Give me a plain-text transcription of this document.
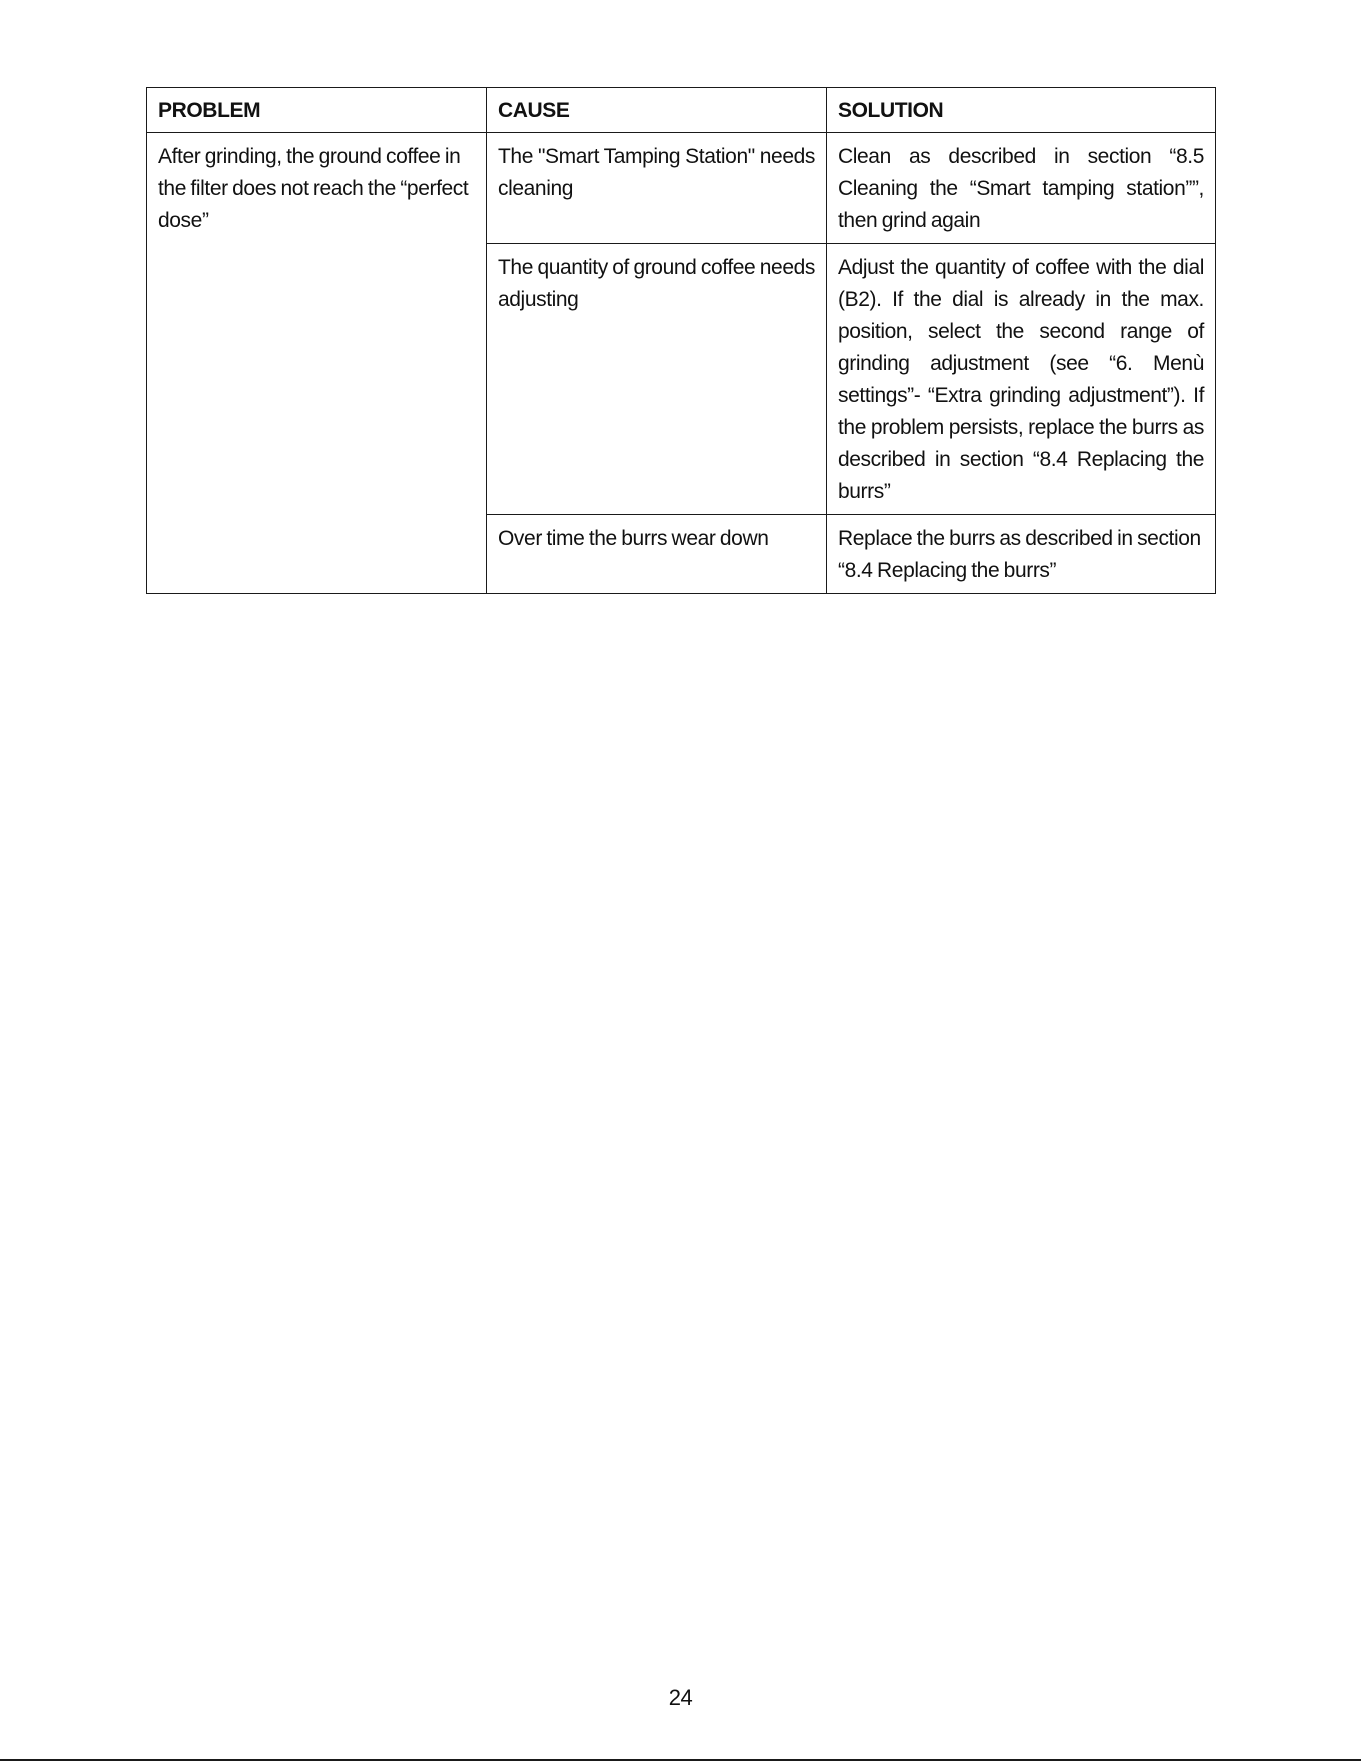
PROBLEM	CAUSE	SOLUTION
After grinding, the ground coffee in the filter does not reach the “perfect dose”	The "Smart Tamping Station" needs cleaning	Clean as described in section “8.5 Cleaning the “Smart tamping station””, then grind again
	The quantity of ground coffee needs adjusting	Adjust the quantity of coffee with the dial (B2). If the dial is already in the max. position, select the second range of grinding adjustment (see “6. Menù settings”- “Extra grinding adjustment”). If the problem persists, replace the burrs as described in section “8.4 Replacing the burrs”
	Over time the burrs wear down	Replace the burrs as described in section “8.4 Replacing the burrs”
24
